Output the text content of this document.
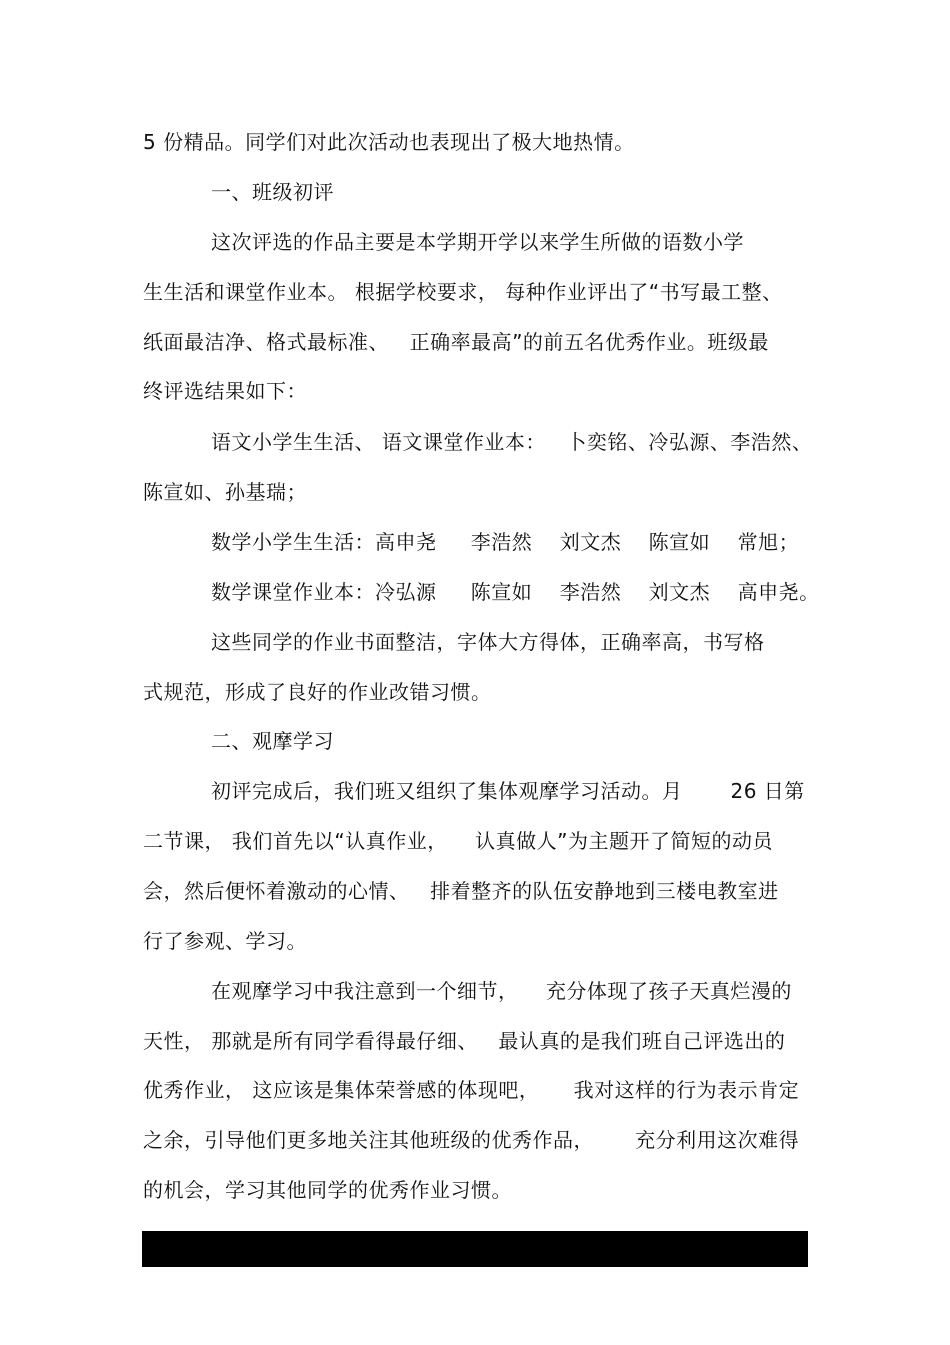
5 份精品。同学们对此次活动也表现出了极大地热情。
一、班级初评
这次评选的作品主要是本学期开学以来学生所做的语数小学
生生活和课堂作业本。 根据学校要求， 每种作业评出了“书写最工整、
纸面最洁净、格式最标准、   正确率最高”的前五名优秀作业。班级最
终评选结果如下：
语文小学生生活、 语文课堂作业本：   卜奕铭、冷弘源、李浩然、
陈宣如、孙基瑞；
数学小学生生活：高申尧     李浩然    刘文杰    陈宣如    常旭；
数学课堂作业本：冷弘源     陈宣如    李浩然    刘文杰    高申尧。
这些同学的作业书面整洁，字体大方得体，正确率高，书写格
式规范，形成了良好的作业改错习惯。
二、观摩学习
初评完成后，我们班又组织了集体观摩学习活动。月       26 日第
二节课， 我们首先以“认真作业，    认真做人”为主题开了简短的动员
会，然后便怀着激动的心情、   排着整齐的队伍安静地到三楼电教室进
行了参观、学习。
在观摩学习中我注意到一个细节，    充分体现了孩子天真烂漫的
天性， 那就是所有同学看得最仔细、   最认真的是我们班自己评选出的
优秀作业， 这应该是集体荣誉感的体现吧，     我对这样的行为表示肯定
之余，引导他们更多地关注其他班级的优秀作品，      充分利用这次难得
的机会，学习其他同学的优秀作业习惯。
